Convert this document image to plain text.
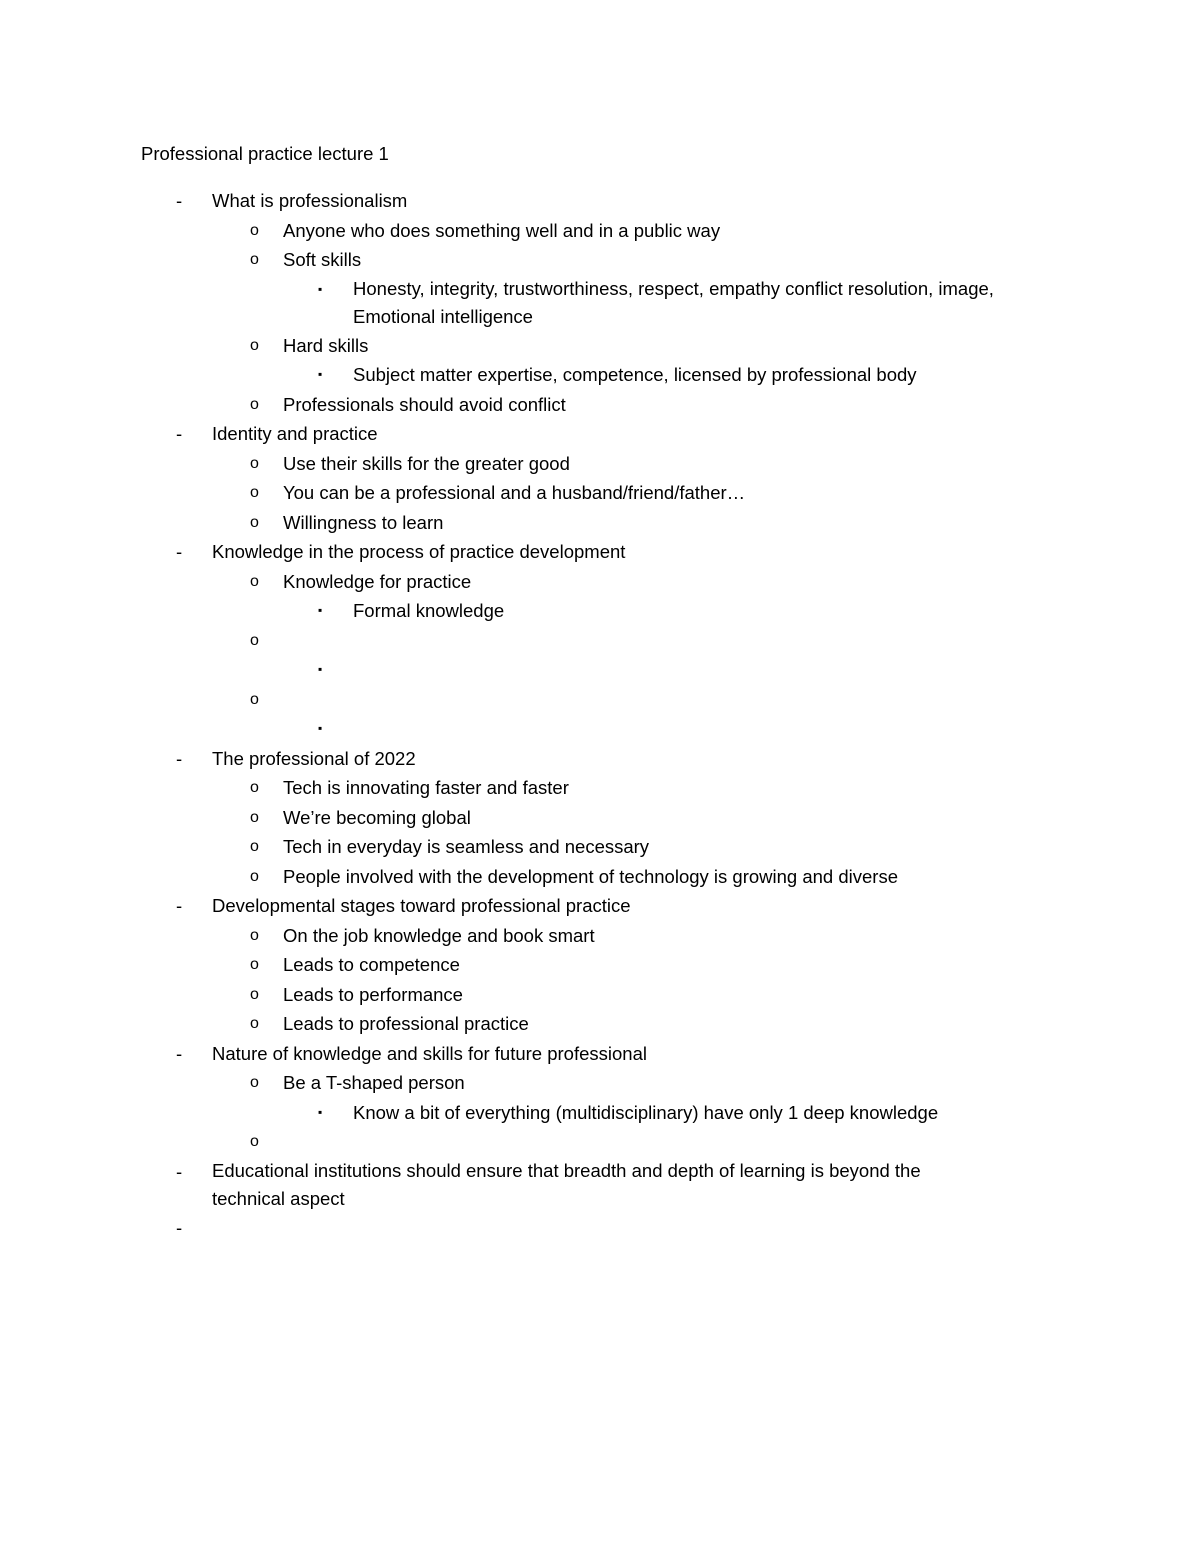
Professional practice lecture 1
- What is professionalism
o Anyone who does something well and in a public way
o Soft skills
▪ Honesty, integrity, trustworthiness, respect, empathy conflict resolution, image, Emotional intelligence
o Hard skills
▪ Subject matter expertise, competence, licensed by professional body
o Professionals should avoid conflict
- Identity and practice
o Use their skills for the greater good
o You can be a professional and a husband/friend/father…
o Willingness to learn
- Knowledge in the process of practice development
o Knowledge for practice
▪ Formal knowledge
o
▪
o
▪
- The professional of 2022
o Tech is innovating faster and faster
o We’re becoming global
o Tech in everyday is seamless and necessary
o People involved with the development of technology is growing and diverse
- Developmental stages toward professional practice
o On the job knowledge and book smart
o Leads to competence
o Leads to performance
o Leads to professional practice
- Nature of knowledge and skills for future professional
o Be a T-shaped person
▪ Know a bit of everything (multidisciplinary) have only 1 deep knowledge
o
- Educational institutions should ensure that breadth and depth of learning is beyond the technical aspect
-
